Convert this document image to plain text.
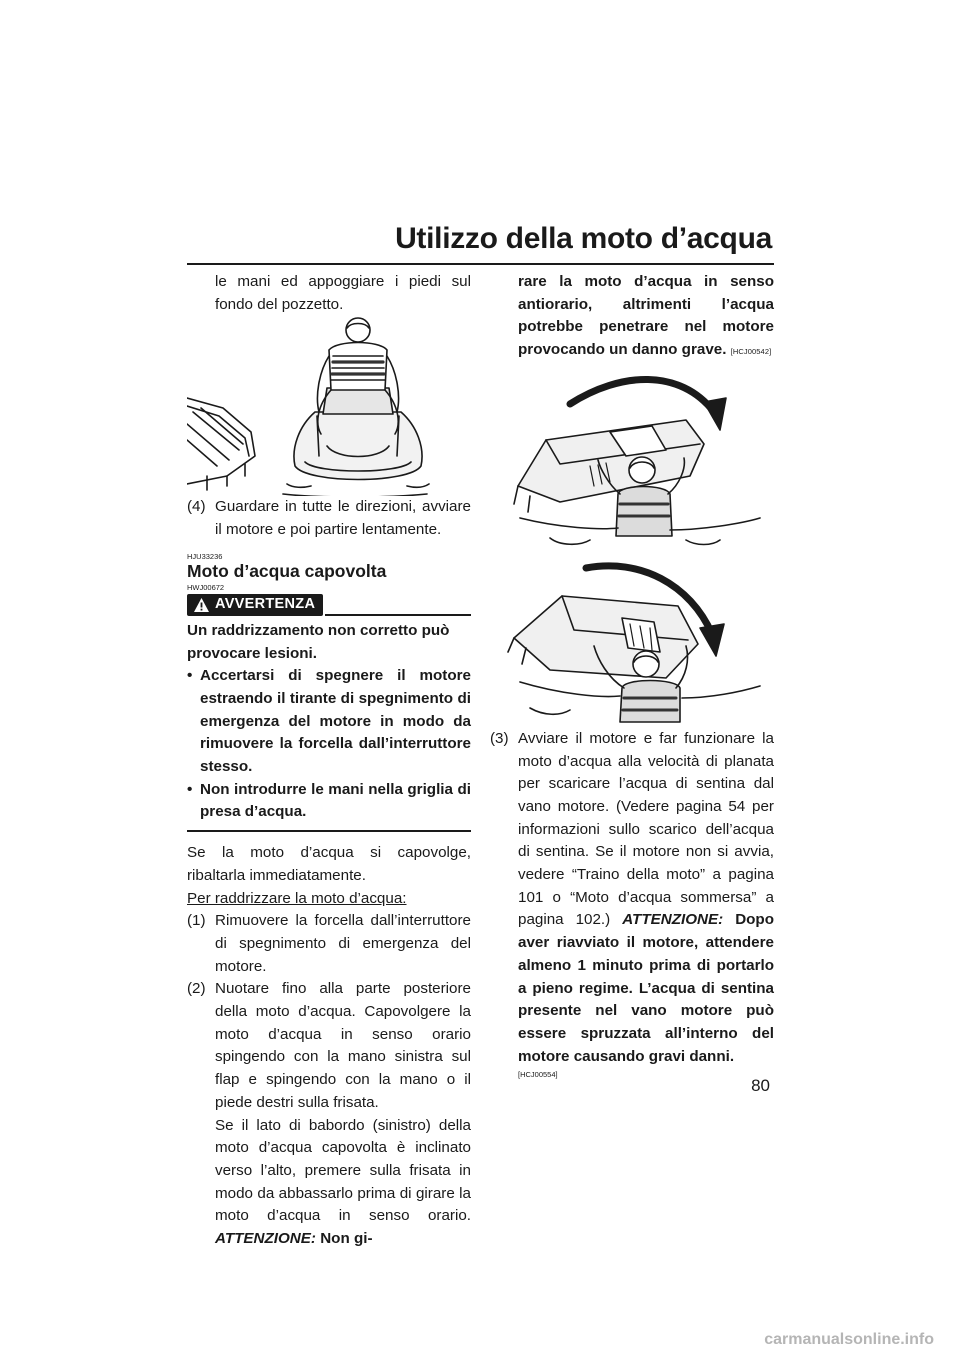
Utilizzo della moto d’acqua
le mani ed appoggiare i piedi sul fondo del pozzetto.
(4) Guardare in tutte le direzioni, avviare il motore e poi partire lentamente.
HJU33236
Moto d’acqua capovolta
HWJ00672
AVVERTENZA
Un raddrizzamento non corretto può provocare lesioni.
• Accertarsi di spegnere il motore estraendo il tirante di spegnimento di emergenza del motore in modo da rimuovere la forcella dall’interruttore stesso.
• Non introdurre le mani nella griglia di presa d’acqua.
Se la moto d’acqua si capovolge, ribaltarla immediatamente.
Per raddrizzare la moto d’acqua:
(1) Rimuovere la forcella dall’interruttore di spegnimento di emergenza del motore.
(2) Nuotare fino alla parte posteriore della moto d’acqua. Capovolgere la moto d’acqua in senso orario spingendo con la mano sinistra sul flap e spingendo con la mano o il piede destri sulla frisata.
Se il lato di babordo (sinistro) della moto d’acqua capovolta è inclinato verso l’alto, premere sulla frisata in modo da abbassarlo prima di girare la moto d’acqua in senso orario. ATTENZIONE: Non gi-
rare la moto d’acqua in senso antiorario, altrimenti l’acqua potrebbe penetrare nel motore provocando un danno grave. [HCJ00542]
(3) Avviare il motore e far funzionare la moto d’acqua alla velocità di planata per scaricare l’acqua di sentina dal vano motore. (Vedere pagina 54 per informazioni sullo scarico dell’acqua di sentina. Se il motore non si avvia, vedere “Traino della moto” a pagina 101 o “Moto d’acqua sommersa” a pagina 102.) ATTENZIONE: Dopo aver riavviato il motore, attendere almeno 1 minuto prima di portarlo a pieno regime. L’acqua di sentina presente nel vano motore può essere spruzzata all’interno del motore causando gravi danni.
[HCJ00554]
80
carmanualsonline.info
